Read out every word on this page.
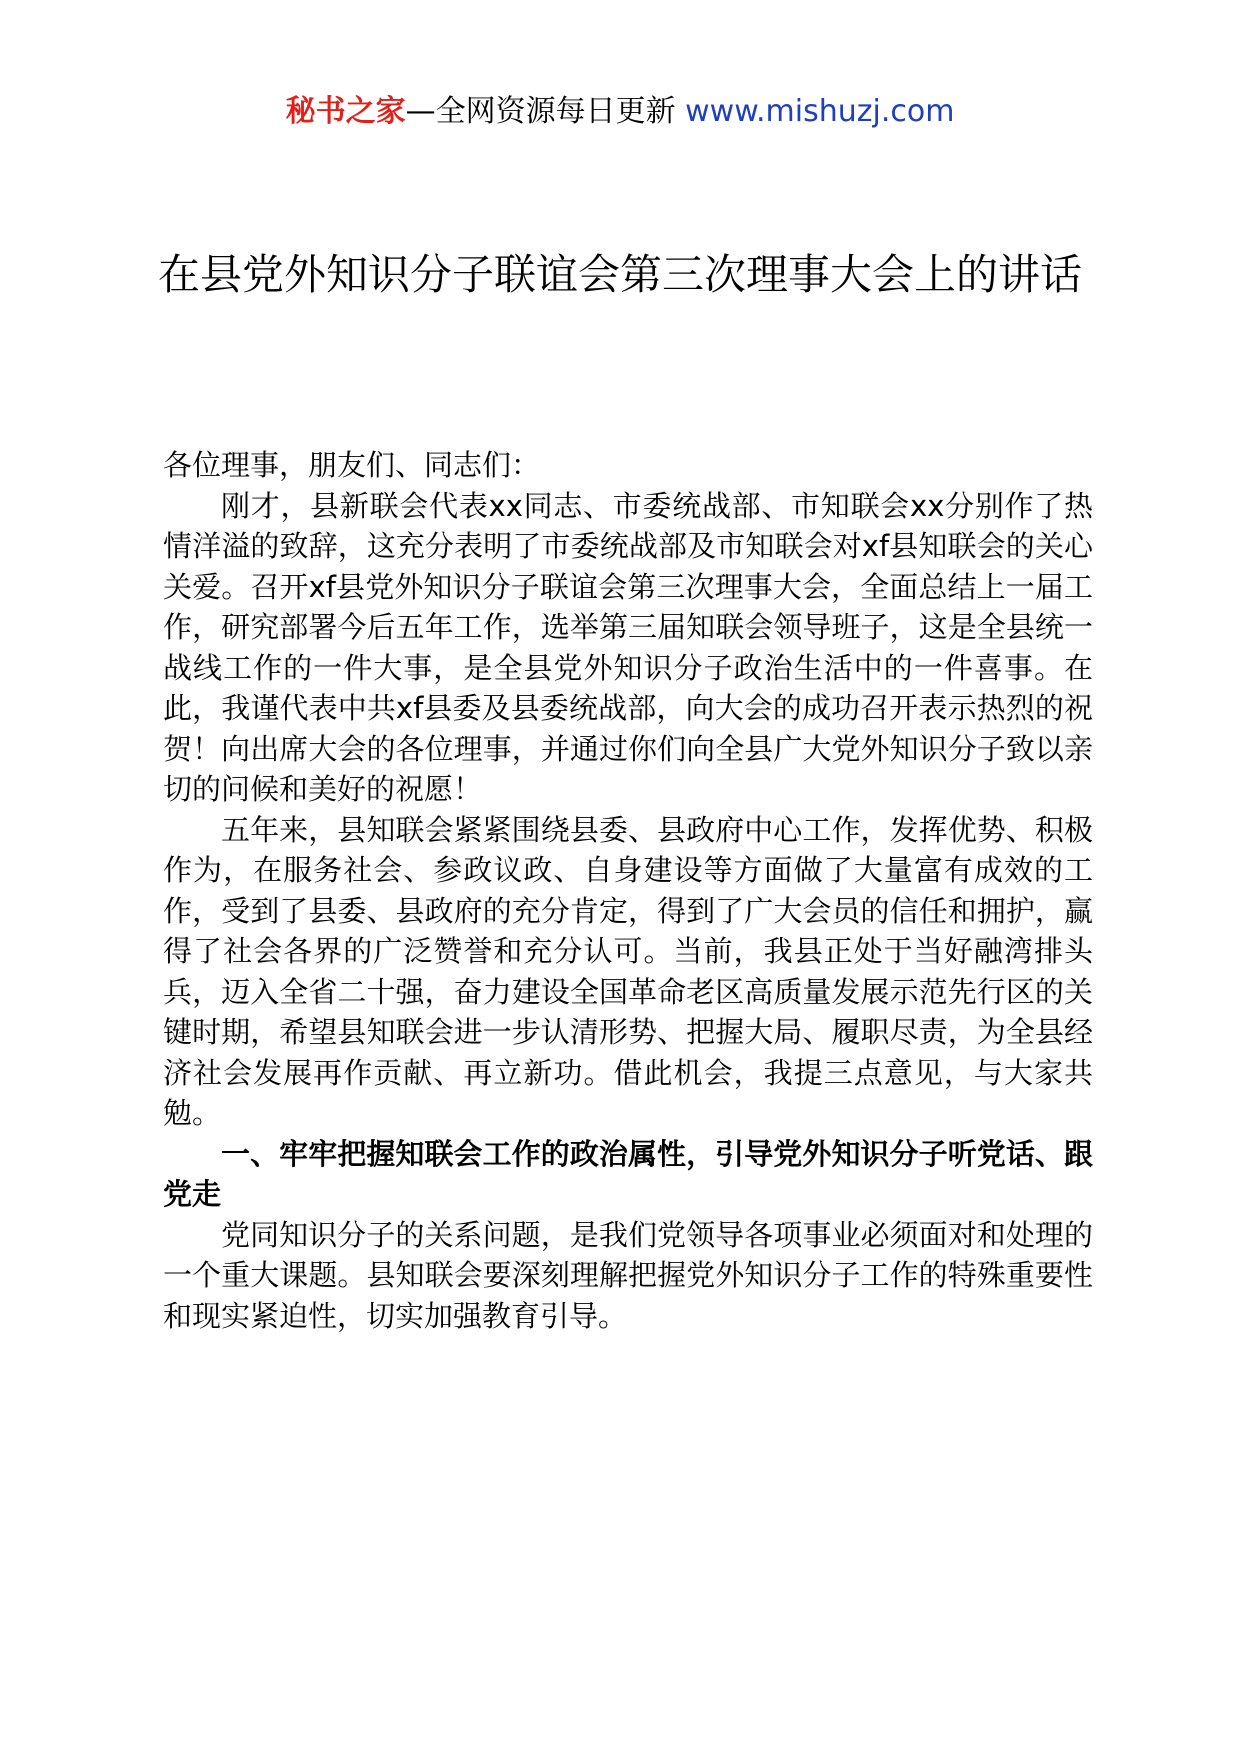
秘书之家—全网资源每日更新 www.mishuzj.com
在县党外知识分子联谊会第三次理事大会上的讲话

各位理事，朋友们、同志们：

刚才，县新联会代表xx同志、市委统战部、市知联会xx分别作了热情洋溢的致辞，这充分表明了市委统战部及市知联会对xf县知联会的关心关爱。召开xf县党外知识分子联谊会第三次理事大会，全面总结上一届工作，研究部署今后五年工作，选举第三届知联会领导班子，这是全县统一战线工作的一件大事，是全县党外知识分子政治生活中的一件喜事。在此，我谨代表中共xf县委及县委统战部，向大会的成功召开表示热烈的祝贺！向出席大会的各位理事，并通过你们向全县广大党外知识分子致以亲切的问候和美好的祝愿！

五年来，县知联会紧紧围绕县委、县政府中心工作，发挥优势、积极作为，在服务社会、参政议政、自身建设等方面做了大量富有成效的工作，受到了县委、县政府的充分肯定，得到了广大会员的信任和拥护，赢得了社会各界的广泛赞誉和充分认可。当前，我县正处于当好融湾排头兵，迈入全省二十强，奋力建设全国革命老区高质量发展示范先行区的关键时期，希望县知联会进一步认清形势、把握大局、履职尽责，为全县经济社会发展再作贡献、再立新功。借此机会，我提三点意见，与大家共勉。

一、牢牢把握知联会工作的政治属性，引导党外知识分子听党话、跟党走

党同知识分子的关系问题，是我们党领导各项事业必须面对和处理的一个重大课题。县知联会要深刻理解把握党外知识分子工作的特殊重要性和现实紧迫性，切实加强教育引导。
